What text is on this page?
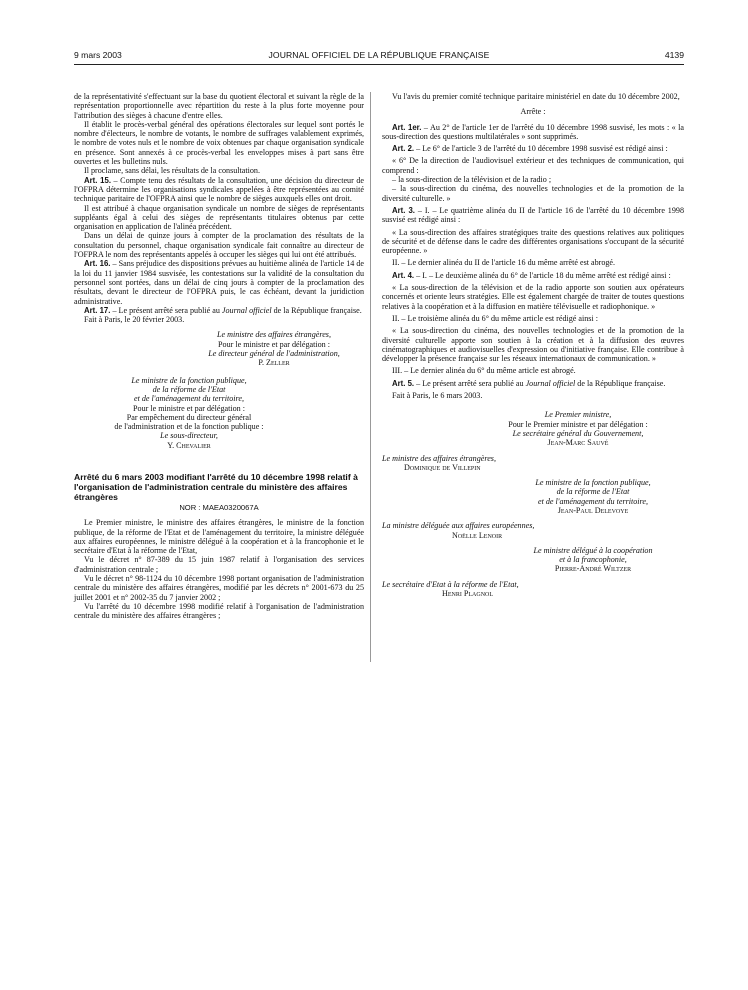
9 mars 2003	JOURNAL OFFICIEL DE LA RÉPUBLIQUE FRANÇAISE	4139

de la représentativité s'effectuant sur la base du quotient électoral et suivant la règle de la représentation proportionnelle avec répartition du reste à la plus forte moyenne pour l'attribution des sièges à chacune d'entre elles.

Il établit le procès-verbal général des opérations électorales sur lequel sont portés le nombre d'électeurs, le nombre de votants, le nombre de suffrages valablement exprimés, le nombre de votes nuls et le nombre de voix obtenues par chaque organisation syndicale en présence. Sont annexés à ce procès-verbal les enveloppes mises à part sans être ouvertes et les bulletins nuls.

Il proclame, sans délai, les résultats de la consultation.

Art. 15. – Compte tenu des résultats de la consultation, une décision du directeur de l'OFPRA détermine les organisations syndicales appelées à être représentées au comité technique paritaire de l'OFPRA ainsi que le nombre de sièges auxquels elles ont droit.

Il est attribué à chaque organisation syndicale un nombre de sièges de représentants suppléants égal à celui des sièges de représentants titulaires obtenus par cette organisation en application de l'alinéa précédent.

Dans un délai de quinze jours à compter de la proclamation des résultats de la consultation du personnel, chaque organisation syndicale fait connaître au directeur de l'OFPRA le nom des représentants appelés à occuper les sièges qui lui ont été attribués.

Art. 16. – Sans préjudice des dispositions prévues au huitième alinéa de l'article 14 de la loi du 11 janvier 1984 susvisée, les contestations sur la validité de la consultation du personnel sont portées, dans un délai de cinq jours à compter de la proclamation des résultats, devant le directeur de l'OFPRA puis, le cas échéant, devant la juridiction administrative.

Art. 17. – Le présent arrêté sera publié au Journal officiel de la République française.

Fait à Paris, le 20 février 2003.

Le ministre des affaires étrangères,

Pour le ministre et par délégation :

Le directeur général de l'administration,

P. Zeller

Le ministre de la fonction publique,
de la réforme de l'Etat
et de l'aménagement du territoire,

Pour le ministre et par délégation :

Par empêchement du directeur général

de l'administration et de la fonction publique :

Le sous-directeur,

Y. Chevalier

Arrêté du 6 mars 2003 modifiant l'arrêté du 10 décembre 1998 relatif à l'organisation de l'administration centrale du ministère des affaires étrangères

NOR : MAEA0320067A

Le Premier ministre, le ministre des affaires étrangères, le ministre de la fonction publique, de la réforme de l'Etat et de l'aménagement du territoire, la ministre déléguée aux affaires européennes, le ministre délégué à la coopération et à la francophonie et le secrétaire d'Etat à la réforme de l'Etat,

Vu le décret n° 87-389 du 15 juin 1987 relatif à l'organisation des services d'administration centrale ;

Vu le décret n° 98-1124 du 10 décembre 1998 portant organisation de l'administration centrale du ministère des affaires étrangères, modifié par les décrets n° 2001-673 du 25 juillet 2001 et n° 2002-35 du 7 janvier 2002 ;

Vu l'arrêté du 10 décembre 1998 modifié relatif à l'organisation de l'administration centrale du ministère des affaires étrangères ;

Vu l'avis du premier comité technique paritaire ministériel en date du 10 décembre 2002,

Arrête :

Art. 1er. – Au 2° de l'article 1er de l'arrêté du 10 décembre 1998 susvisé, les mots : « la sous-direction des questions multilatérales » sont supprimés.

Art. 2. – Le 6° de l'article 3 de l'arrêté du 10 décembre 1998 susvisé est rédigé ainsi :

« 6° De la direction de l'audiovisuel extérieur et des techniques de communication, qui comprend :

– la sous-direction de la télévision et de la radio ;

– la sous-direction du cinéma, des nouvelles technologies et de la promotion de la diversité culturelle. »

Art. 3. – I. – Le quatrième alinéa du II de l'article 16 de l'arrêté du 10 décembre 1998 susvisé est rédigé ainsi :

« La sous-direction des affaires stratégiques traite des questions relatives aux politiques de sécurité et de défense dans le cadre des différentes organisations s'occupant de la sécurité européenne. »

II. – Le dernier alinéa du II de l'article 16 du même arrêté est abrogé.

Art. 4. – I. – Le deuxième alinéa du 6° de l'article 18 du même arrêté est rédigé ainsi :

« La sous-direction de la télévision et de la radio apporte son soutien aux opérateurs concernés et oriente leurs stratégies. Elle est également chargée de traiter de toutes questions relatives à la coopération et à la diffusion en matière télévisuelle et radiophonique. »

II. – Le troisième alinéa du 6° du même article est rédigé ainsi :

« La sous-direction du cinéma, des nouvelles technologies et de la promotion de la diversité culturelle apporte son soutien à la création et à la diffusion des œuvres cinématographiques et audiovisuelles d'expression ou d'initiative française. Elle contribue à développer la présence française sur les réseaux internationaux de communication. »

III. – Le dernier alinéa du 6° du même article est abrogé.

Art. 5. – Le présent arrêté sera publié au Journal officiel de la République française.

Fait à Paris, le 6 mars 2003.

Le Premier ministre,

Pour le Premier ministre et par délégation :

Le secrétaire général du Gouvernement,

Jean-Marc Sauvé

Le ministre des affaires étrangères,

Dominique de Villepin

Le ministre de la fonction publique,
de la réforme de l'Etat
et de l'aménagement du territoire,

Jean-Paul Delevoye

La ministre déléguée aux affaires européennes,

Noëlle Lenoir

Le ministre délégué à la coopération
et à la francophonie,

Pierre-André Wiltzer

Le secrétaire d'Etat à la réforme de l'Etat,

Henri Plagnol
